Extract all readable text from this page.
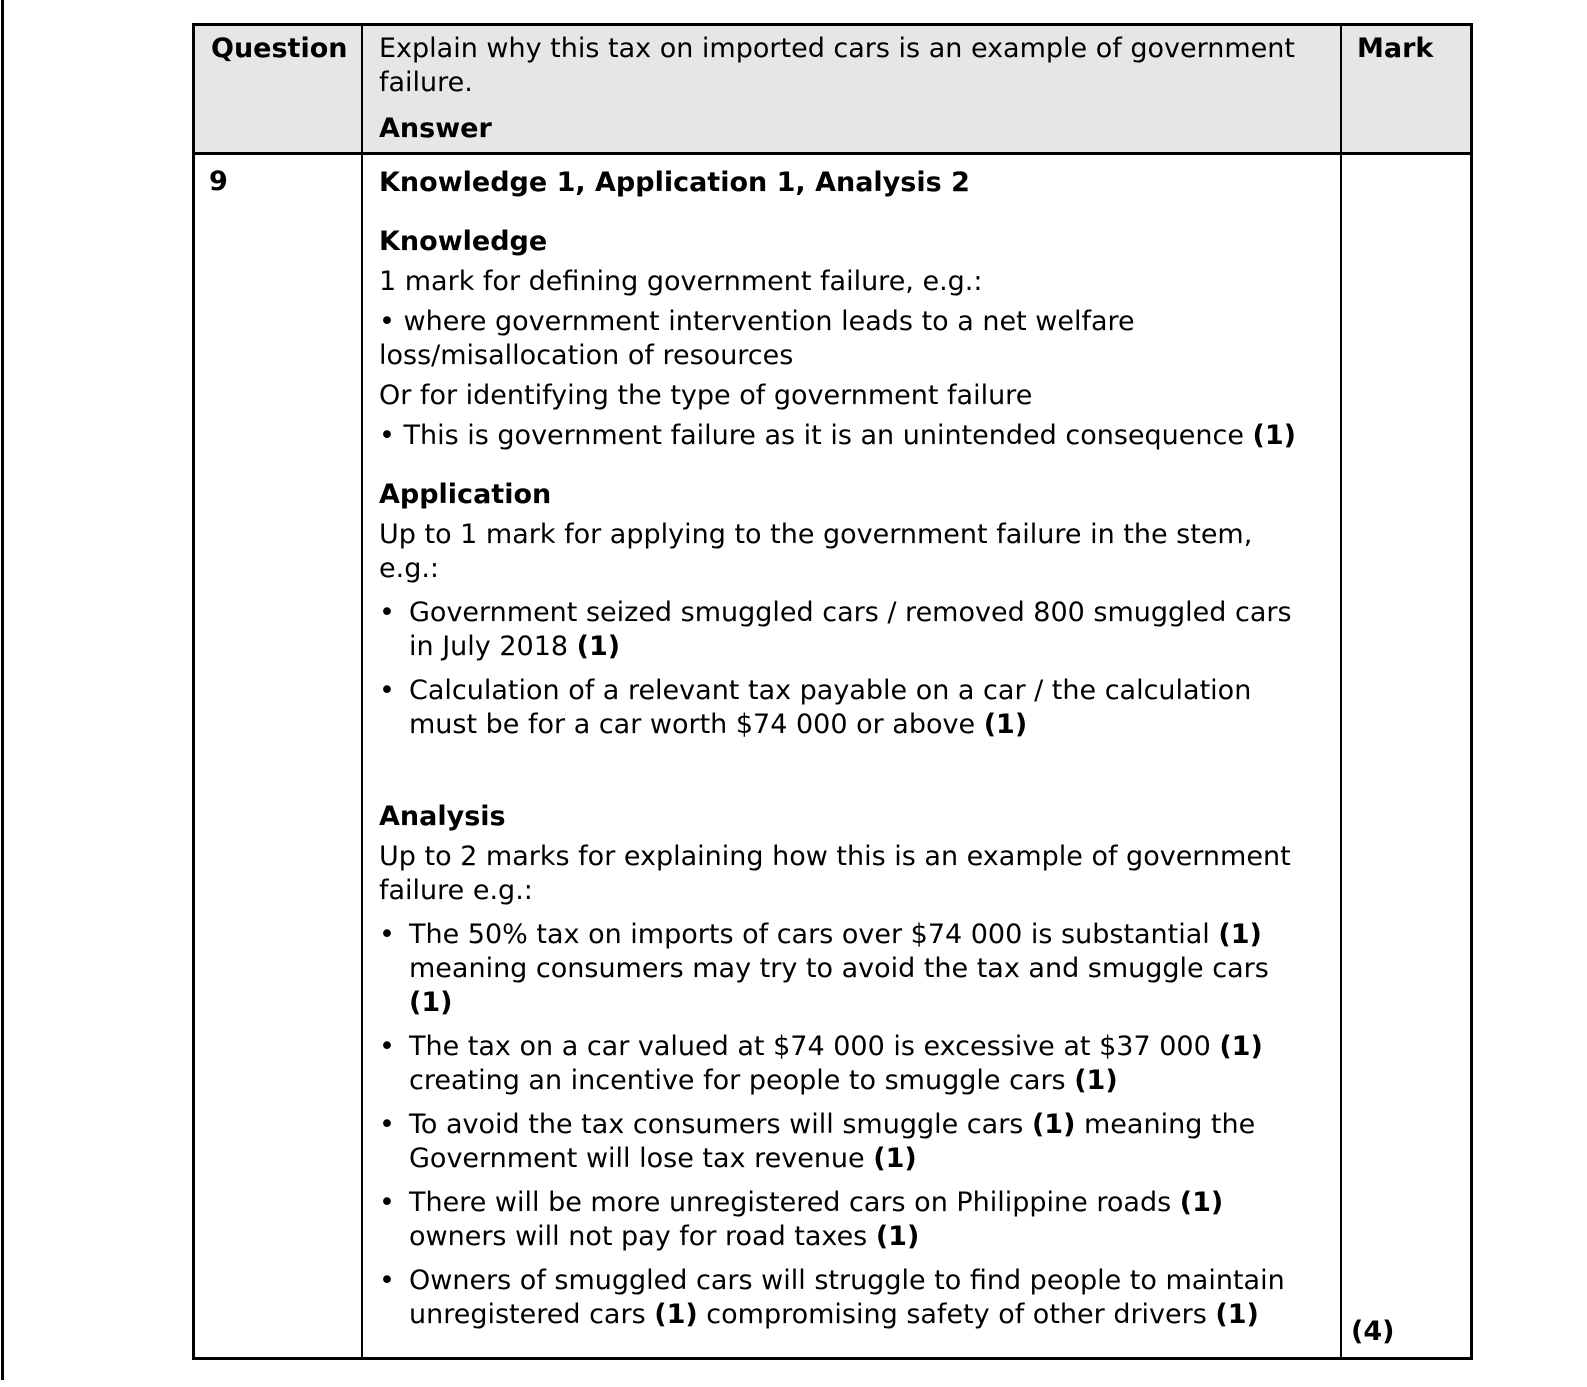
Question	Explain why this tax on imported cars is an example of government failure.
Answer
Mark
9	Knowledge 1, Application 1, Analysis 2
Knowledge
1 mark for defining government failure, e.g.:
• where government intervention leads to a net welfare loss/misallocation of resources
Or for identifying the type of government failure
• This is government failure as it is an unintended consequence (1)
Application
Up to 1 mark for applying to the government failure in the stem, e.g.:
• Government seized smuggled cars / removed 800 smuggled cars in July 2018 (1)
• Calculation of a relevant tax payable on a car / the calculation must be for a car worth $74 000 or above (1)
Analysis
Up to 2 marks for explaining how this is an example of government failure e.g.:
• The 50% tax on imports of cars over $74 000 is substantial (1) meaning consumers may try to avoid the tax and smuggle cars (1)
• The tax on a car valued at $74 000 is excessive at $37 000 (1) creating an incentive for people to smuggle cars (1)
• To avoid the tax consumers will smuggle cars (1) meaning the Government will lose tax revenue (1)
• There will be more unregistered cars on Philippine roads (1) owners will not pay for road taxes (1)
• Owners of smuggled cars will struggle to find people to maintain unregistered cars (1) compromising safety of other drivers (1)
(4)
